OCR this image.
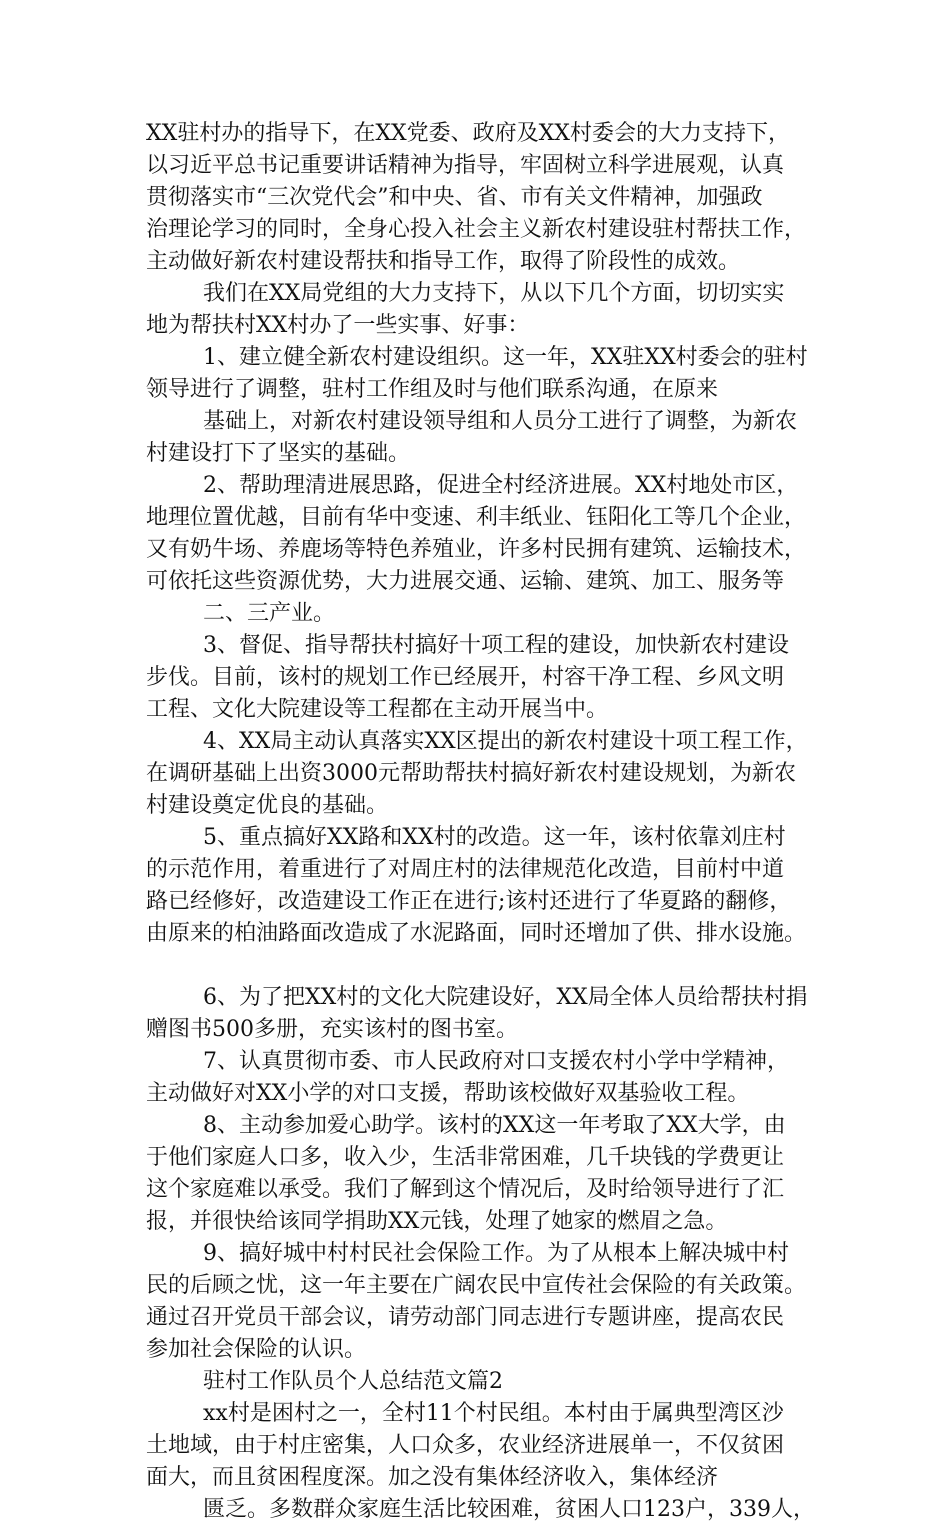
XX驻村办的指导下，在XX党委、政府及XX村委会的大力支持下，
以习近平总书记重要讲话精神为指导，牢固树立科学进展观，认真
贯彻落实市“三次党代会”和中央、省、市有关文件精神，加强政
治理论学习的同时，全身心投入社会主义新农村建设驻村帮扶工作，
主动做好新农村建设帮扶和指导工作，取得了阶段性的成效。
我们在XX局党组的大力支持下，从以下几个方面，切切实实
地为帮扶村XX村办了一些实事、好事：
1、建立健全新农村建设组织。这一年，XX驻XX村委会的驻村
领导进行了调整，驻村工作组及时与他们联系沟通，在原来
基础上，对新农村建设领导组和人员分工进行了调整，为新农
村建设打下了坚实的基础。
2、帮助理清进展思路，促进全村经济进展。XX村地处市区，
地理位置优越，目前有华中变速、利丰纸业、钰阳化工等几个企业，
又有奶牛场、养鹿场等特色养殖业，许多村民拥有建筑、运输技术，
可依托这些资源优势，大力进展交通、运输、建筑、加工、服务等
二、三产业。
3、督促、指导帮扶村搞好十项工程的建设，加快新农村建设
步伐。目前，该村的规划工作已经展开，村容干净工程、乡风文明
工程、文化大院建设等工程都在主动开展当中。
4、XX局主动认真落实XX区提出的新农村建设十项工程工作，
在调研基础上出资3000元帮助帮扶村搞好新农村建设规划，为新农
村建设奠定优良的基础。
5、重点搞好XX路和XX村的改造。这一年，该村依靠刘庄村
的示范作用，着重进行了对周庄村的法律规范化改造，目前村中道
路已经修好，改造建设工作正在进行;该村还进行了华夏路的翻修，
由原来的柏油路面改造成了水泥路面，同时还增加了供、排水设施。
6、为了把XX村的文化大院建设好，XX局全体人员给帮扶村捐
赠图书500多册，充实该村的图书室。
7、认真贯彻市委、市人民政府对口支援农村小学中学精神，
主动做好对XX小学的对口支援，帮助该校做好双基验收工程。
8、主动参加爱心助学。该村的XX这一年考取了XX大学，由
于他们家庭人口多，收入少，生活非常困难，几千块钱的学费更让
这个家庭难以承受。我们了解到这个情况后，及时给领导进行了汇
报，并很快给该同学捐助XX元钱，处理了她家的燃眉之急。
9、搞好城中村村民社会保险工作。为了从根本上解决城中村
民的后顾之忧，这一年主要在广阔农民中宣传社会保险的有关政策。
通过召开党员干部会议，请劳动部门同志进行专题讲座，提高农民
参加社会保险的认识。
驻村工作队员个人总结范文篇2
xx村是困村之一，全村11个村民组。本村由于属典型湾区沙
土地域，由于村庄密集，人口众多，农业经济进展单一，不仅贫困
面大，而且贫困程度深。加之没有集体经济收入，集体经济
匮乏。多数群众家庭生活比较困难，贫困人口123户，339人，
